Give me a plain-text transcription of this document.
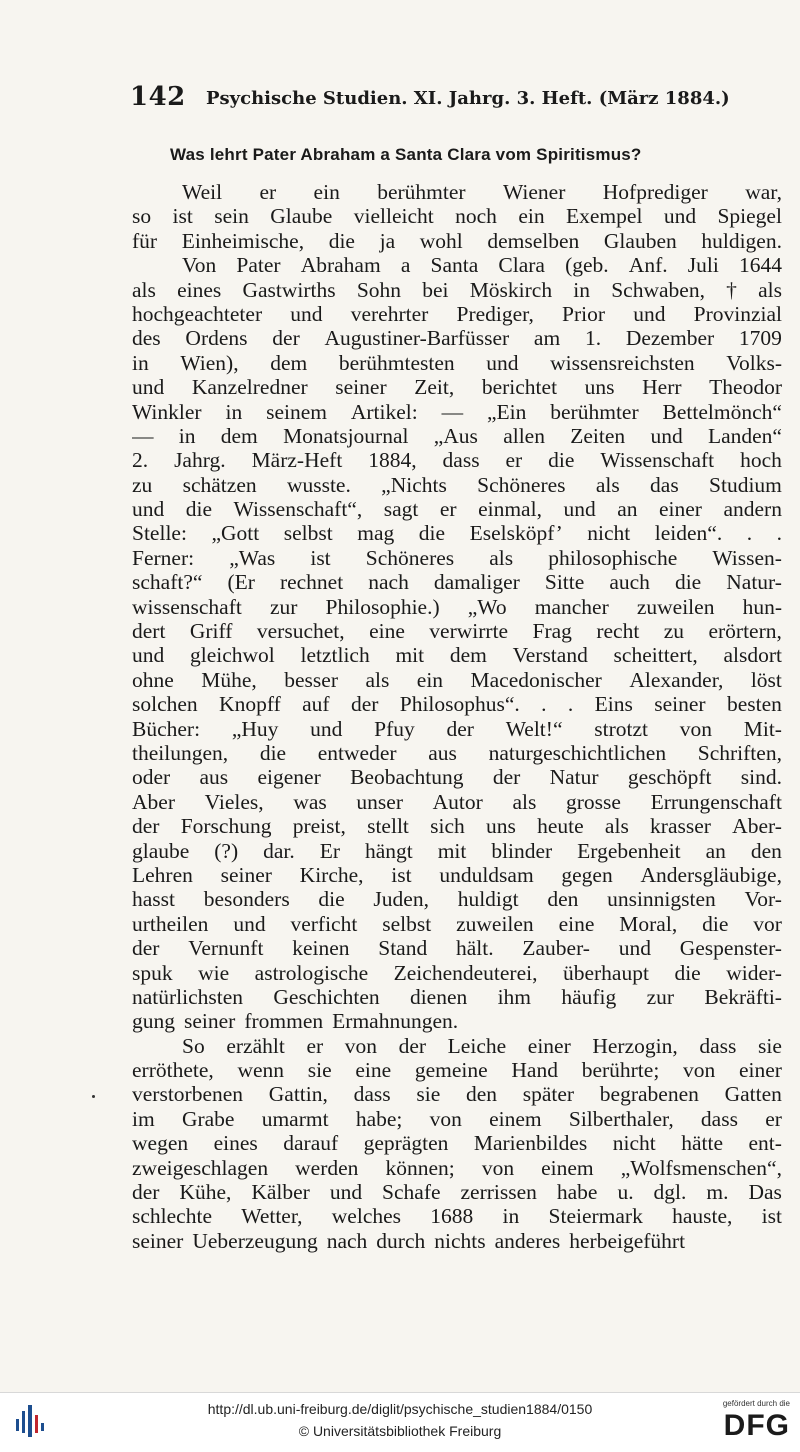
142 Psychische Studien. XI. Jahrg. 3. Heft. (März 1884.)
Was lehrt Pater Abraham a Santa Clara vom Spiritismus?
Weil er ein berühmter Wiener Hofprediger war,
so ist sein Glaube vielleicht noch ein Exempel und Spiegel
für Einheimische, die ja wohl demselben Glauben huldigen.
Von Pater Abraham a Santa Clara (geb. Anf. Juli 1644
als eines Gastwirths Sohn bei Möskirch in Schwaben, † als
hochgeachteter und verehrter Prediger, Prior und Provinzial
des Ordens der Augustiner-Barfüsser am 1. Dezember 1709
in Wien), dem berühmtesten und wissensreichsten Volks-
und Kanzelredner seiner Zeit, berichtet uns Herr Theodor
Winkler in seinem Artikel: — „Ein berühmter Bettelmönch“
— in dem Monatsjournal „Aus allen Zeiten und Landen“
2. Jahrg. März-Heft 1884, dass er die Wissenschaft hoch
zu schätzen wusste. „Nichts Schöneres als das Studium
und die Wissenschaft“, sagt er einmal, und an einer andern
Stelle: „Gott selbst mag die Eselsköpf’ nicht leiden“. . .
Ferner: „Was ist Schöneres als philosophische Wissen-
schaft?“ (Er rechnet nach damaliger Sitte auch die Natur-
wissenschaft zur Philosophie.) „Wo mancher zuweilen hun-
dert Griff versuchet, eine verwirrte Frag recht zu erörtern,
und gleichwol letztlich mit dem Verstand scheittert, alsdort
ohne Mühe, besser als ein Macedonischer Alexander, löst
solchen Knopff auf der Philosophus“. . . Eins seiner besten
Bücher: „Huy und Pfuy der Welt!“ strotzt von Mit-
theilungen, die entweder aus naturgeschichtlichen Schriften,
oder aus eigener Beobachtung der Natur geschöpft sind.
Aber Vieles, was unser Autor als grosse Errungenschaft
der Forschung preist, stellt sich uns heute als krasser Aber-
glaube (?) dar. Er hängt mit blinder Ergebenheit an den
Lehren seiner Kirche, ist unduldsam gegen Andersgläubige,
hasst besonders die Juden, huldigt den unsinnigsten Vor-
urtheilen und verficht selbst zuweilen eine Moral, die vor
der Vernunft keinen Stand hält. Zauber- und Gespenster-
spuk wie astrologische Zeichendeuterei, überhaupt die wider-
natürlichsten Geschichten dienen ihm häufig zur Bekräfti-
gung seiner frommen Ermahnungen.
So erzählt er von der Leiche einer Herzogin, dass sie
erröthete, wenn sie eine gemeine Hand berührte; von einer
verstorbenen Gattin, dass sie den später begrabenen Gatten
im Grabe umarmt habe; von einem Silberthaler, dass er
wegen eines darauf geprägten Marienbildes nicht hätte ent-
zweigeschlagen werden können; von einem „Wolfsmenschen“,
der Kühe, Kälber und Schafe zerrissen habe u. dgl. m. Das
schlechte Wetter, welches 1688 in Steiermark hauste, ist
seiner Ueberzeugung nach durch nichts anderes herbeigeführt
http://dl.ub.uni-freiburg.de/diglit/psychische_studien1884/0150
© Universitätsbibliothek Freiburg
gefördert durch die
DFG
